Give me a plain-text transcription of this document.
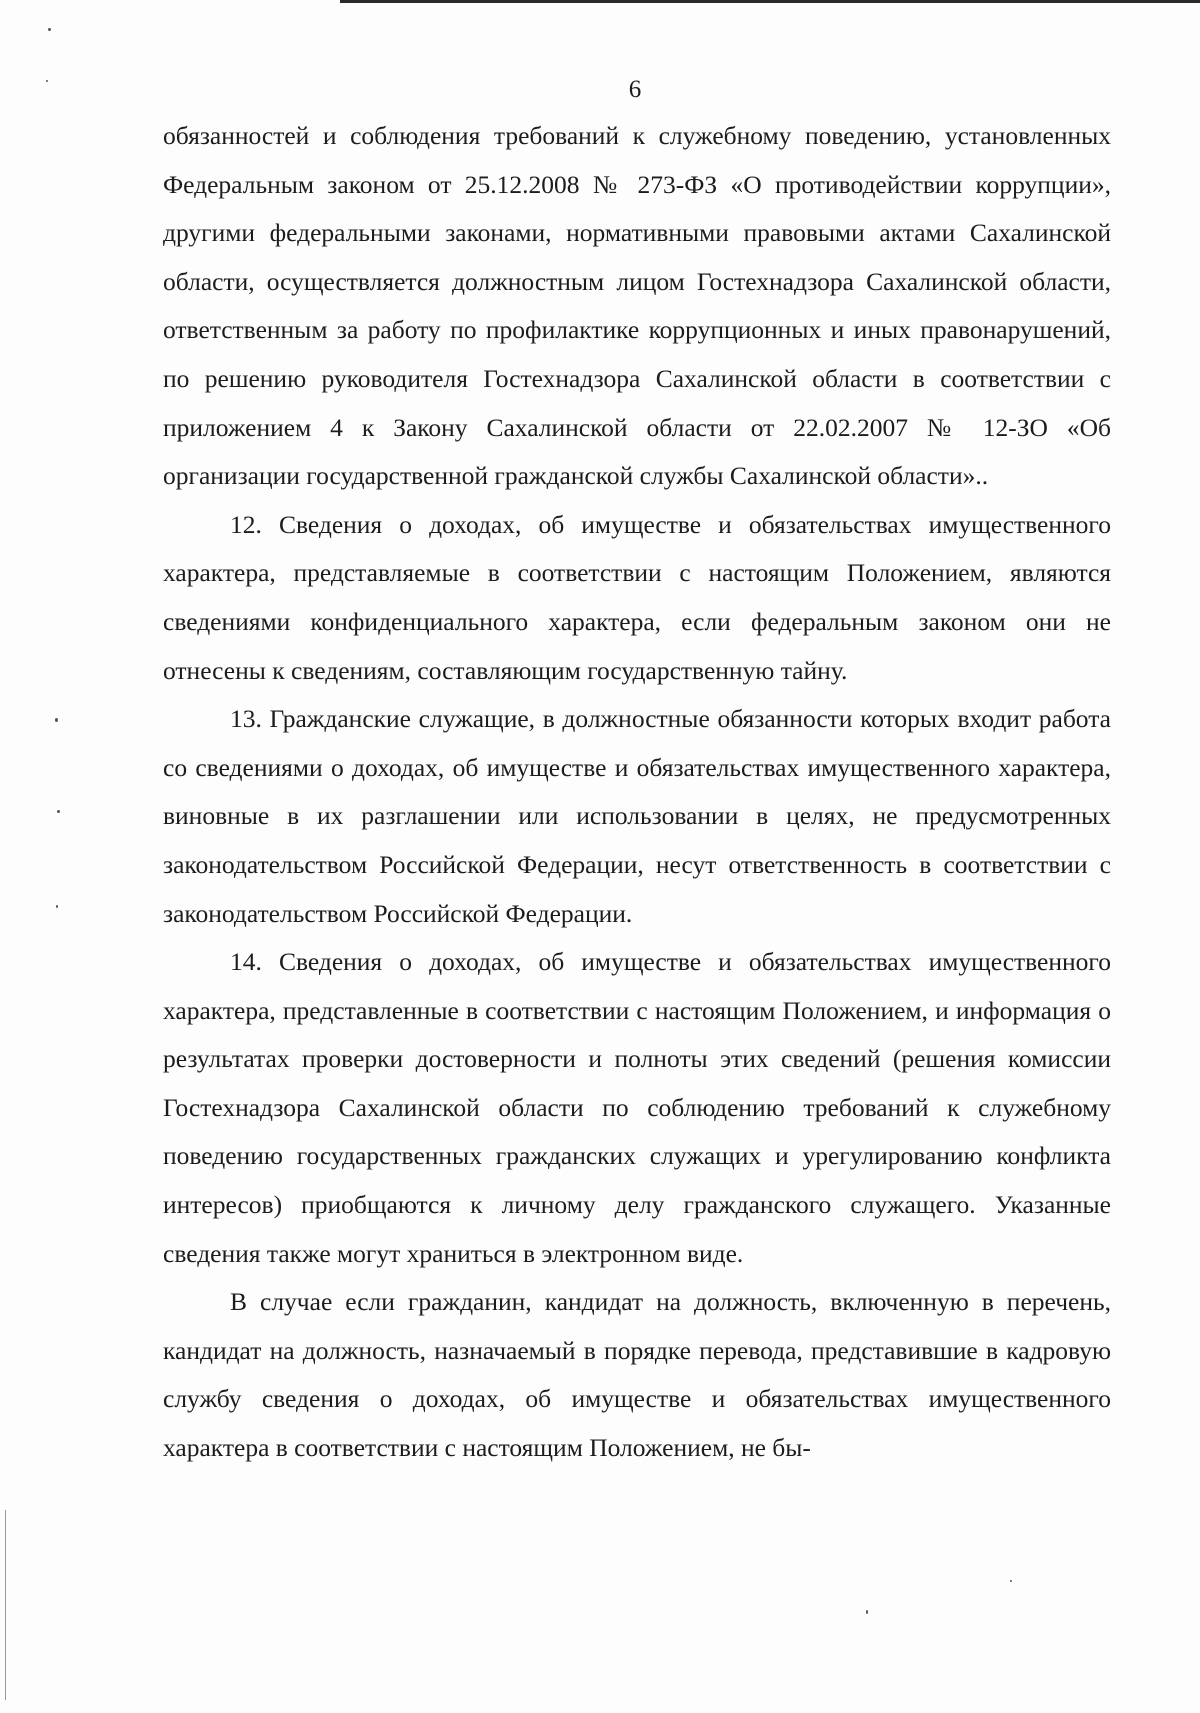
6

обязанностей и соблюдения требований к служебному поведению, установленных Федеральным законом от 25.12.2008 № 273-ФЗ «О противодействии коррупции», другими федеральными законами, нормативными правовыми актами Сахалинской области, осуществляется должностным лицом Гостехнадзора Сахалинской области, ответственным за работу по профилактике коррупционных и иных правонарушений, по решению руководителя Гостехнадзора Сахалинской области в соответствии с приложением 4 к Закону Сахалинской области от 22.02.2007 № 12-ЗО «Об организации государственной гражданской службы Сахалинской области»..

12. Сведения о доходах, об имуществе и обязательствах имущественного характера, представляемые в соответствии с настоящим Положением, являются сведениями конфиденциального характера, если федеральным законом они не отнесены к сведениям, составляющим государственную тайну.

13. Гражданские служащие, в должностные обязанности которых входит работа со сведениями о доходах, об имуществе и обязательствах имущественного характера, виновные в их разглашении или использовании в целях, не предусмотренных законодательством Российской Федерации, несут ответственность в соответствии с законодательством Российской Федерации.

14. Сведения о доходах, об имуществе и обязательствах имущественного характера, представленные в соответствии с настоящим Положением, и информация о результатах проверки достоверности и полноты этих сведений (решения комиссии Гостехнадзора Сахалинской области по соблюдению требований к служебному поведению государственных гражданских служащих и урегулированию конфликта интересов) приобщаются к личному делу гражданского служащего. Указанные сведения также могут храниться в электронном виде.

В случае если гражданин, кандидат на должность, включенную в перечень, кандидат на должность, назначаемый в порядке перевода, представившие в кадровую службу сведения о доходах, об имуществе и обязательствах имущественного характера в соответствии с настоящим Положением, не бы-
